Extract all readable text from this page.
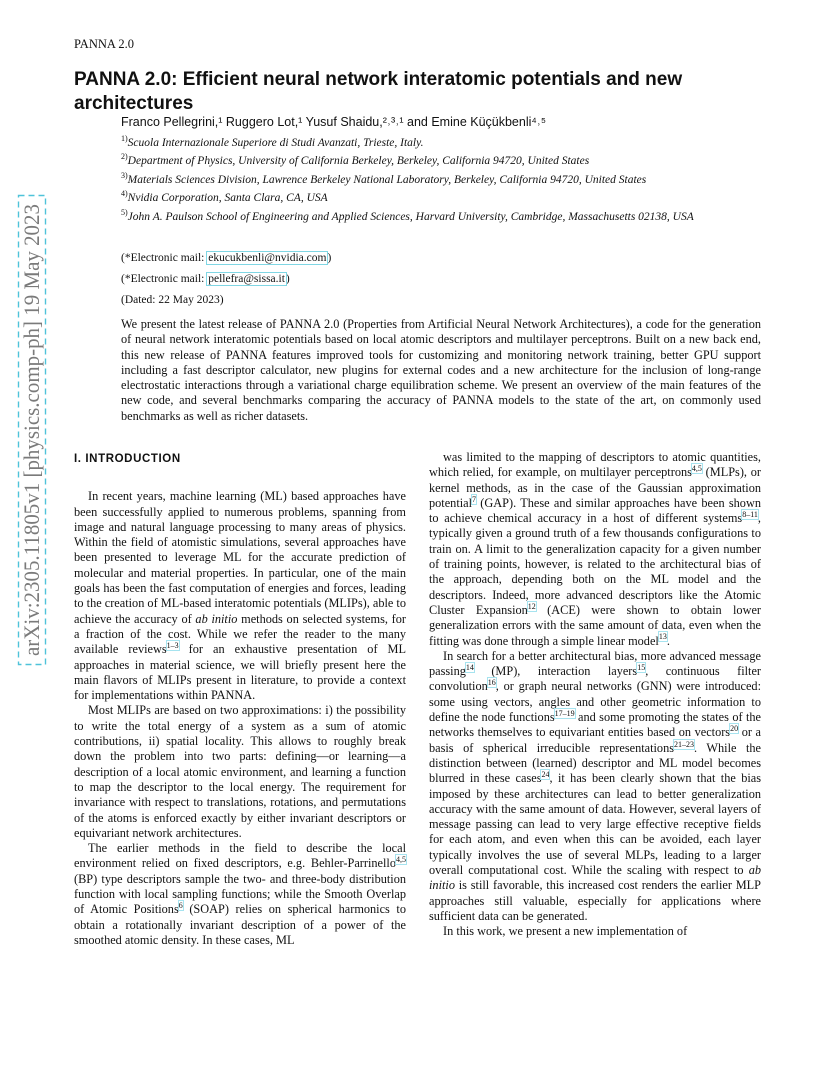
PANNA 2.0
PANNA 2.0: Efficient neural network interatomic potentials and new architectures
Franco Pellegrini,¹ Ruggero Lot,¹ Yusuf Shaidu,²˒³˒¹ and Emine Küçükbenli⁴˒⁵

$^{1)}$Scuola Internazionale Superiore di Studi Avanzati, Trieste, Italy.

$^{2)}$Department of Physics, University of California Berkeley, Berkeley, California 94720, United States

$^{3)}$Materials Sciences Division, Lawrence Berkeley National Laboratory, Berkeley, California 94720, United States

$^{4)}$Nvidia Corporation, Santa Clara, CA, USA

$^{5)}$John A. Paulson School of Engineering and Applied Sciences, Harvard University, Cambridge, Massachusetts 02138, USA

(*Electronic mail: ekucukbenli@nvidia.com)
(*Electronic mail: pellefra@sissa.it)
(Dated: 22 May 2023)

We present the latest release of PANNA 2.0 (Properties from Artificial Neural Network Architectures), a code for the generation of neural network interatomic potentials based on local atomic descriptors and multilayer perceptrons. Built on a new back end, this new release of PANNA features improved tools for customizing and monitoring network training, better GPU support including a fast descriptor calculator, new plugins for external codes and a new architecture for the inclusion of long-range electrostatic interactions through a variational charge equilibration scheme. We present an overview of the main features of the new code, and several benchmarks comparing the accuracy of PANNA models to the state of the art, on commonly used benchmarks as well as richer datasets.

arXiv:2305.11805v1 [physics.comp-ph] 19 May 2023	I. INTRODUCTION

In recent years, machine learning (ML) based approaches have been successfully applied to numerous problems, spanning from image and natural language processing to many areas of physics. Within the field of atomistic simulations, several approaches have been presented to leverage ML for the accurate prediction of molecular and material properties. In particular, one of the main goals has been the fast computation of energies and forces, leading to the creation of ML-based interatomic potentials (MLIPs), able to achieve the accuracy of ab initio methods on selected systems, for a fraction of the cost. While we refer the reader to the many available reviews$^{1-3}$ for an exhaustive presentation of ML approaches in material science, we will briefly present here the main flavors of MLIPs present in literature, to provide a context for implementations within PANNA.

Most MLIPs are based on two approximations: i) the possibility to write the total energy of a system as a sum of atomic contributions, ii) spatial locality. This allows to roughly break down the problem into two parts: defining—or learning—a description of a local atomic environment, and learning a function to map the descriptor to the local energy. The requirement for invariance with respect to translations, rotations, and permutations of the atoms is enforced exactly by either invariant descriptors or equivariant network architectures.

The earlier methods in the field to describe the local environment relied on fixed descriptors, e.g. Behler-Parrinello$^{4,5}$ (BP) type descriptors sample the two- and three-body distribution function with local sampling functions; while the Smooth Overlap of Atomic Positions$^6$ (SOAP) relies on spherical harmonics to obtain a rotationally invariant description of a power of the smoothed atomic density. In these cases, ML

was limited to the mapping of descriptors to atomic quantities, which relied, for example, on multilayer perceptrons$^{4,5}$ (MLPs), or kernel methods, as in the case of the Gaussian approximation potential$^7$ (GAP). These and similar approaches have been shown to achieve chemical accuracy in a host of different systems$^{8-11}$, typically given a ground truth of a few thousands configurations to train on. A limit to the generalization capacity for a given number of training points, however, is related to the architectural bias of the approach, depending both on the ML model and the descriptors. Indeed, more advanced descriptors like the Atomic Cluster Expansion$^{12}$ (ACE) were shown to obtain lower generalization errors with the same amount of data, even when the fitting was done through a simple linear model$^{13}$.

In search for a better architectural bias, more advanced message passing$^{14}$ (MP), interaction layers$^{15}$, continuous filter convolution$^{16}$, or graph neural networks (GNN) were introduced: some using vectors, angles and other geometric information to define the node functions$^{17-19}$ and some promoting the states of the networks themselves to equivariant entities based on vectors$^{20}$ or a basis of spherical irreducible representations$^{21-23}$. While the distinction between (learned) descriptor and ML model becomes blurred in these cases$^{24}$, it has been clearly shown that the bias imposed by these architectures can lead to better generalization accuracy with the same amount of data. However, several layers of message passing can lead to very large effective receptive fields for each atom, and even when this can be avoided, each layer typically involves the use of several MLPs, leading to a larger overall computational cost. While the scaling with respect to ab initio is still favorable, this increased cost renders the earlier MLP approaches still valuable, especially for applications where sufficient data can be generated.

In this work, we present a new implementation of
